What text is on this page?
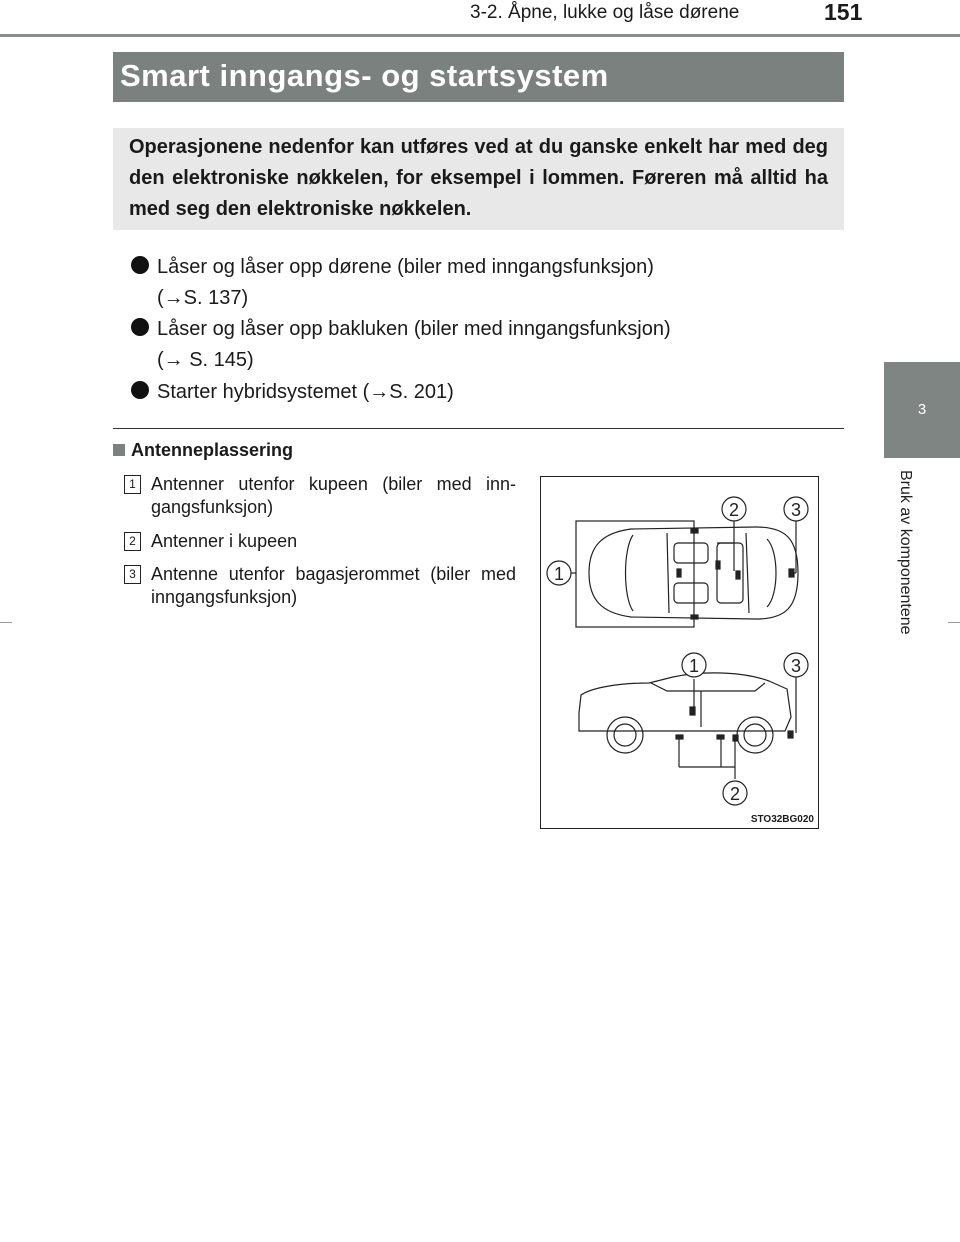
3-2. Åpne, lukke og låse dørene	151
3
Bruk av komponentene
Smart inngangs- og startsystem
Operasjonene nedenfor kan utføres ved at du ganske enkelt har med deg den elektroniske nøkkelen, for eksempel i lommen. Føreren må alltid ha med seg den elektroniske nøkkelen.
Låser og låser opp dørene (biler med inngangsfunksjon)
(→S. 137)
Låser og låser opp bakluken (biler med inngangsfunksjon)
(→ S. 145)
Starter hybridsystemet (→S. 201)
Antenneplassering
1 Antenner utenfor kupeen (biler med inn-gangsfunksjon)
2 Antenner i kupeen
3 Antenne utenfor bagasjerommet (biler med inngangsfunksjon)
2	3
1
1	3
2
STO32BG020
